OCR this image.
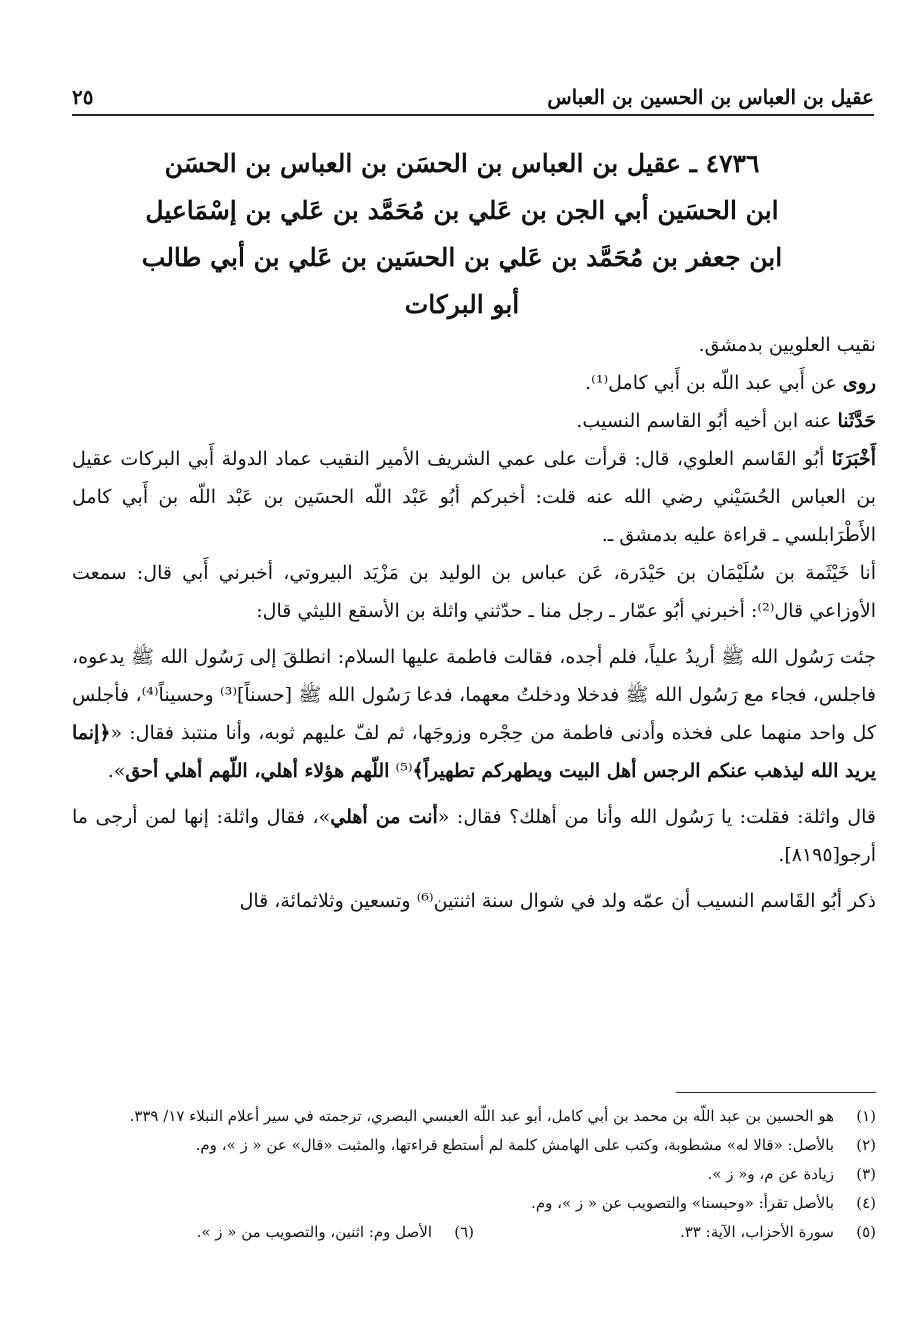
عقيل بن العباس بن الحسين بن العباس
٢٥
٤٧٣٦ ـ عقيل بن العباس بن الحسَن بن العباس بن الحسَن
ابن الحسَين أبي الجن بن عَلي بن مُحَمَّد بن عَلي بن إسْمَاعيل
ابن جعفر بن مُحَمَّد بن عَلي بن الحسَين بن عَلي بن أبي طالب
أبو البركات

نقيب العلويين بدمشق.

روى عن أَبي عبد اللّه بن أَبي كامل⁽¹⁾.

حَدَّثَنا عنه ابن أخيه أبُو القاسم النسيب.

أَخْبَرَنَا أبُو القَاسم العلوي، قال: قرأت على عمي الشريف الأمير النقيب عماد الدولة أَبي البركات عقيل بن العباس الحُسَيْني رضي الله عنه قلت: أخبركم أبُو عَبْد اللّه الحسَين بن عَبْد اللّه بن أَبي كامل الأَطْرَابلسي ـ قراءة عليه بدمشق ـ.

أنا خَيْثَمة بن سُلَيْمَان بن حَيْدَرة، عَن عباس بن الوليد بن مَزْيَد البيروتي، أخبرني أَبي قال: سمعت الأوزاعي قال⁽²⁾: أخبرني أبُو عمّار ـ رجل منا ـ حدّثني واثلة بن الأسقع الليثي قال:

جئت رَسُول الله ﷺ أريدُ علياً، فلم أجده، فقالت فاطمة عليها السلام: انطلقَ إلى رَسُول الله ﷺ يدعوه، فاجلس، فجاء مع رَسُول الله ﷺ فدخلا ودخلتُ معهما، فدعا رَسُول الله ﷺ [حسناً]⁽³⁾ وحسيناً⁽⁴⁾، فأجلس كل واحد منهما على فخذه وأدنى فاطمة من حِجْره وزوجَها، ثم لفّ عليهم ثوبه، وأنا منتبذ فقال: «﴿إنما يريد الله ليذهب عنكم الرجس أهل البيت ويطهركم تطهيراً﴾⁽⁵⁾ اللّهم هؤلاء أهلي، اللّهم أهلي أحق».

قال واثلة: فقلت: يا رَسُول الله وأنا من أهلك؟ فقال: «أنت من أهلي»، فقال واثلة: إنها لمن أرجى ما أرجو[٨١٩٥].

ذكر أبُو القَاسم النسيب أن عمّه ولد في شوال سنة اثنتين⁽⁶⁾ وتسعين وثلاثمائة، قال

(١)
هو الحسين بن عبد اللّه بن محمد بن أبي كامل، أبو عبد اللّه العبسي البصري، ترجمته في سير أعلام النبلاء ١٧/ ٣٣٩.
(٢)
بالأصل: «قالا له» مشطوبة، وكتب على الهامش كلمة لم أستطع قراءتها، والمثبت «قال» عن « ز »، وم.
(٣)
زيادة عن م، و« ز ».
(٤)
بالأصل تقرأ: «وحبسنا» والتصويب عن « ز »، وم.
(٥)
سورة الأحزاب، الآية: ٣٣.
(٦)
الأصل وم: اثنين، والتصويب من « ز ».
